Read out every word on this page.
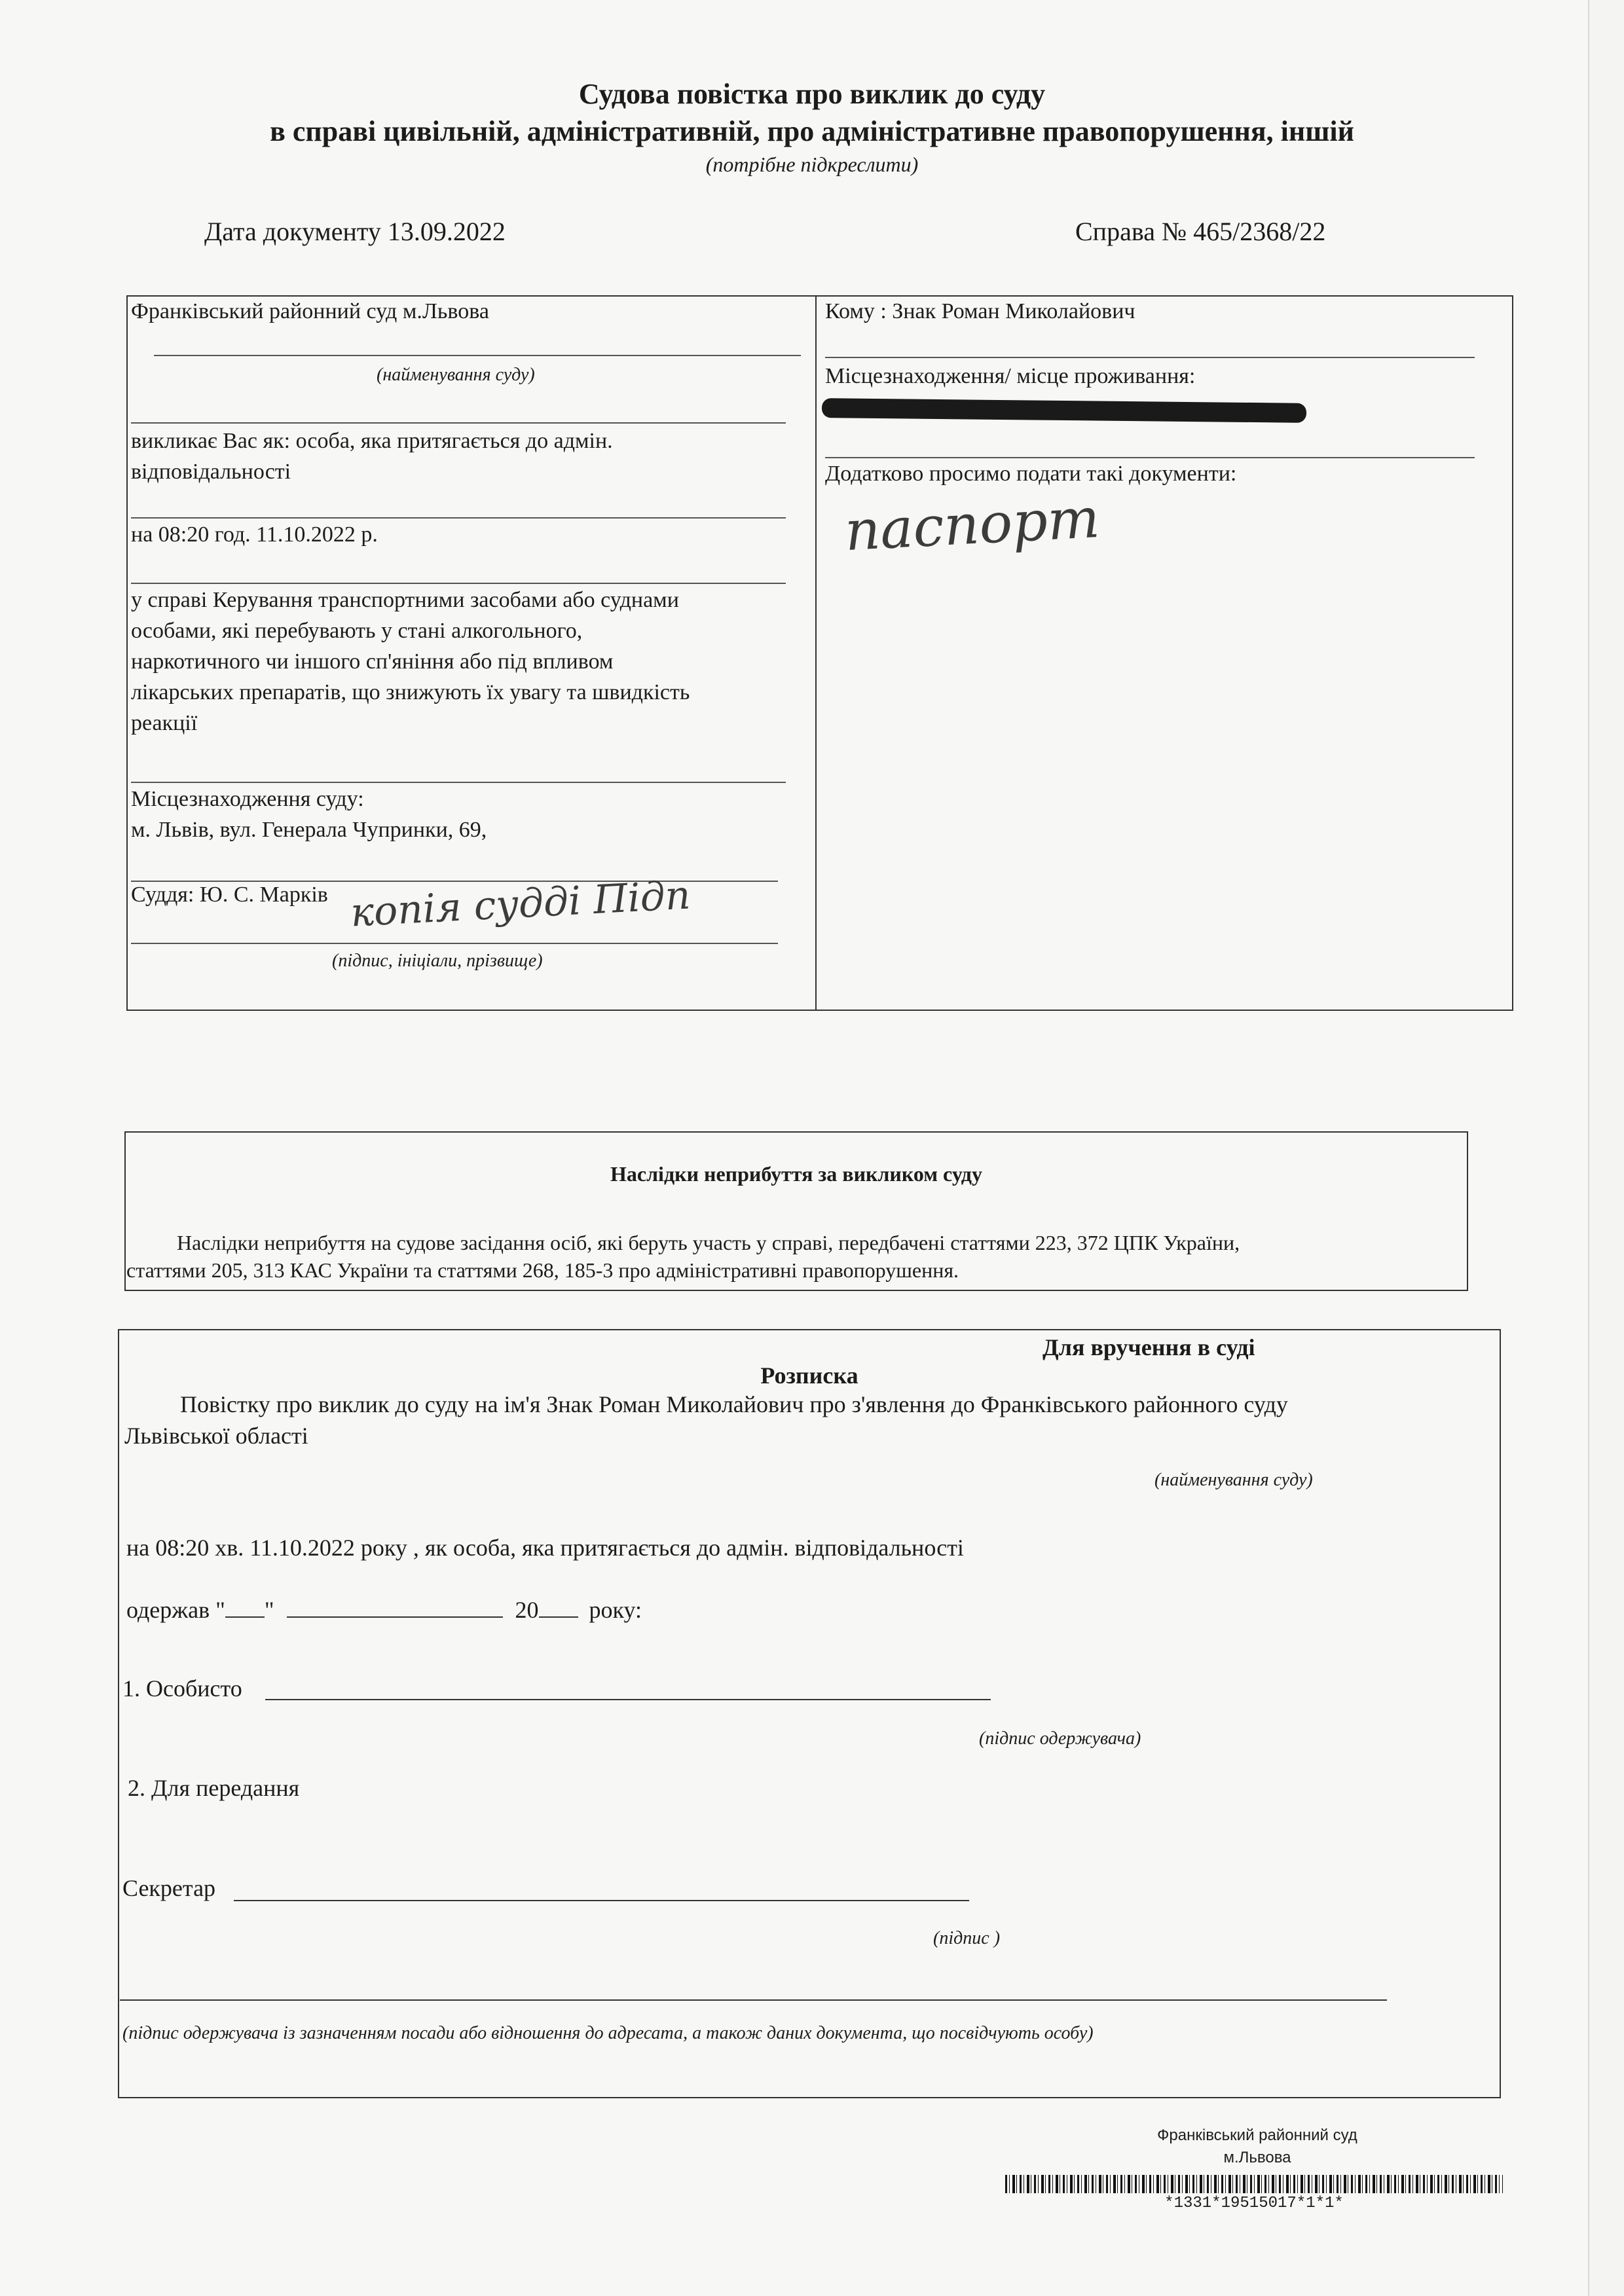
Судова повістка про виклик до суду
в справі цивільній, адміністративній, про адміністративне правопорушення, іншій
(потрібне підкреслити)
Дата документу 13.09.2022	Справа № 465/2368/22
Франківський районний суд м.Львова
(найменування суду)
викликає Вас як: особа, яка притягається до адмін.
відповідальності
на 08:20 год. 11.10.2022 р.
у справі Керування транспортними засобами або суднами
особами, які перебувають у стані алкогольного,
наркотичного чи іншого сп'яніння або під впливом
лікарських препаратів, що знижують їх увагу та швидкість
реакції
Місцезнаходження суду:
м. Львів, вул. Генерала Чупринки, 69,
Суддя: Ю. С. Марків копія судді Підп
(підпис, ініціали, прізвище)
Кому : Знак Роман Миколайович
Місцезнаходження/ місце проживання:
Додатково просимо подати такі документи:
паспорт
Наслідки неприбуття за викликом суду
Наслідки неприбуття на судове засідання осіб, які беруть участь у справі, передбачені статтями 223, 372 ЦПК України,
статтями 205, 313 КАС України та статтями 268, 185-3 про адміністративні правопорушення.
Для вручення в суді
Розписка
Повістку про виклик до суду на ім'я Знак Роман Миколайович про з'явлення до Франківського районного суду
Львівської області
(найменування суду)
на 08:20 хв. 11.10.2022 року , як особа, яка притягається до адмін. відповідальності
одержав " "	20 року:
1. Особисто
(підпис одержувача)
2. Для передання
Секретар
(підпис )
(підпис одержувача із зазначенням посади або відношення до адресата, а також даних документа, що посвідчують особу)
Франківський районний суд
м.Львова
*1331*19515017*1*1*
